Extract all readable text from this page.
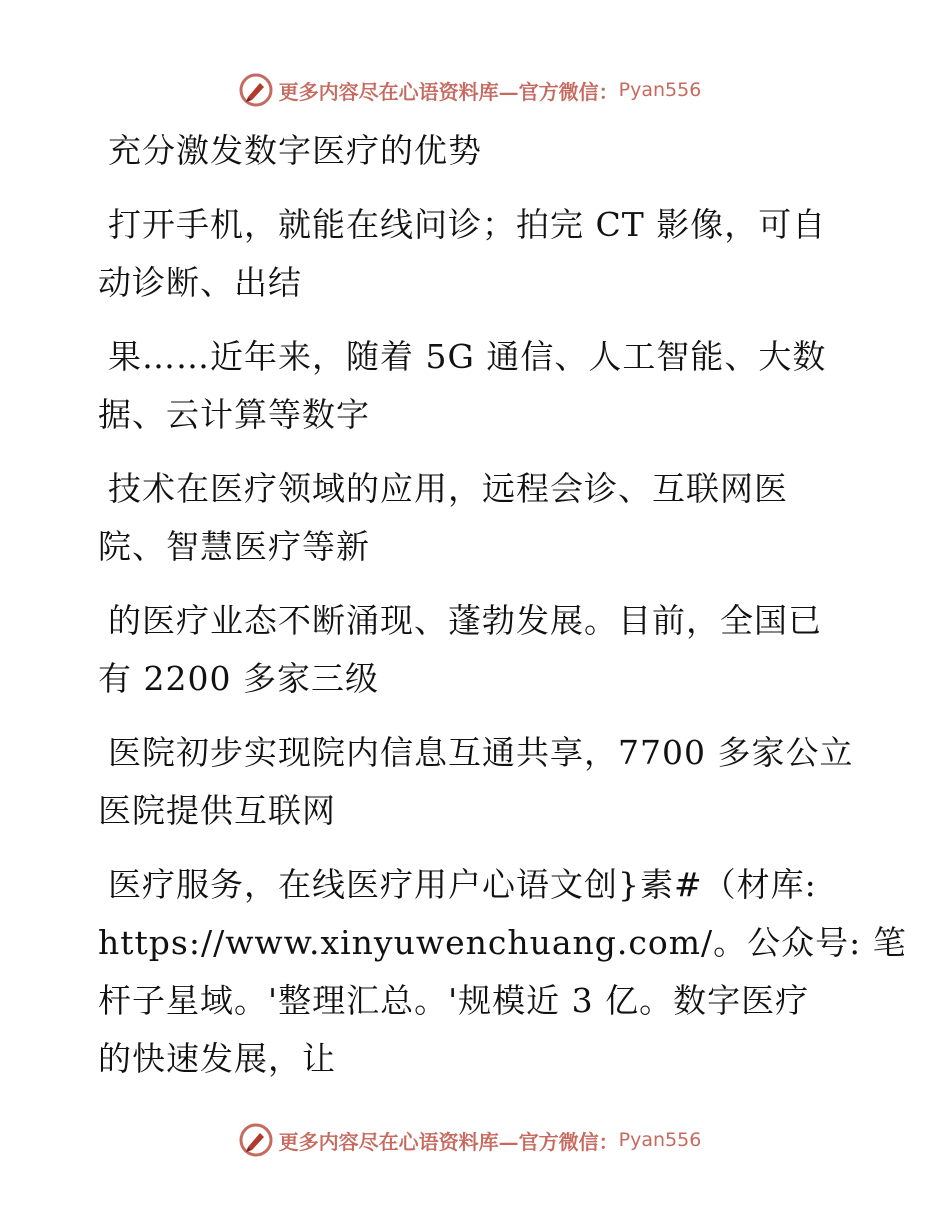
更多内容尽在心语资料库—官方微信： Pyan556
充分激发数字医疗的优势
打开手机，就能在线问诊；拍完 CT 影像，可自
动诊断、出结
果……近年来，随着 5G 通信、人工智能、大数
据、云计算等数字
技术在医疗领域的应用，远程会诊、互联网医
院、智慧医疗等新
的医疗业态不断涌现、蓬勃发展。目前，全国已
有 2200 多家三级
医院初步实现院内信息互通共享，7700 多家公立
医院提供互联网
医疗服务，在线医疗用户心语文创}素#（材库:
https://www.xinyuwenchuang.com/。公众号: 笔
杆子星域。'整理汇总。'规模近 3 亿。数字医疗
的快速发展，让
更多内容尽在心语资料库—官方微信： Pyan556
